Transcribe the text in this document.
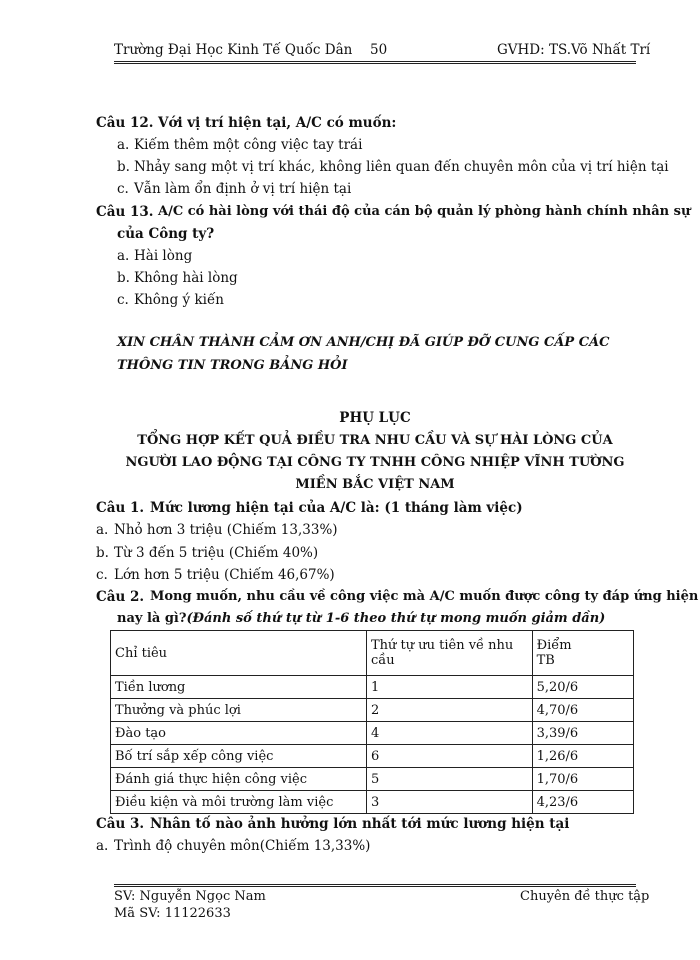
Trường Đại Học Kinh Tế Quốc Dân 50	GVHD: TS.Võ Nhất Trí
Câu 12. Với vị trí hiện tại, A/C có muốn:
a. Kiếm thêm một công việc tay trái
b. Nhảy sang một vị trí khác, không liên quan đến chuyên môn của vị trí hiện tại
c. Vẫn làm ổn định ở vị trí hiện tại
Câu 13. A/C có hài lòng với thái độ của cán bộ quản lý phòng hành chính nhân sự
của Công ty?
a. Hài lòng
b. Không hài lòng
c. Không ý kiến
XIN CHÂN THÀNH CẢM ƠN ANH/CHỊ ĐÃ GIÚP ĐỠ CUNG CẤP CÁC
THÔNG TIN TRONG BẢNG HỎI
PHỤ LỤC
TỔNG HỢP KẾT QUẢ ĐIỀU TRA NHU CẦU VÀ SỰ HÀI LÒNG CỦA
NGƯỜI LAO ĐỘNG TẠI CÔNG TY TNHH CÔNG NHIỆP VĨNH TƯỜNG
MIỀN BẮC VIỆT NAM
Câu 1. Mức lương hiện tại của A/C là: (1 tháng làm việc)
a. Nhỏ hơn 3 triệu (Chiếm 13,33%)
b. Từ 3 đến 5 triệu (Chiếm 40%)
c. Lớn hơn 5 triệu (Chiếm 46,67%)
Câu 2. Mong muốn, nhu cầu về công việc mà A/C muốn được công ty đáp ứng hiện
nay là gì?(Đánh số thứ tự từ 1-6 theo thứ tự mong muốn giảm dần)
Chỉ tiêu	Thứ tự ưu tiên về nhu cầu	Điểm
TB

Tiền lương	1	5,20/6
Thưởng và phúc lợi	2	4,70/6
Đào tạo	4	3,39/6
Bố trí sắp xếp công việc	6	1,26/6
Đánh giá thực hiện công việc	5	1,70/6
Điều kiện và môi trường làm việc	3	4,23/6
Câu 3. Nhân tố nào ảnh hưởng lớn nhất tới mức lương hiện tại
a. Trình độ chuyên môn(Chiếm 13,33%)
SV: Nguyễn Ngọc Nam
Mã SV: 11122633
Chuyên đề thực tập
